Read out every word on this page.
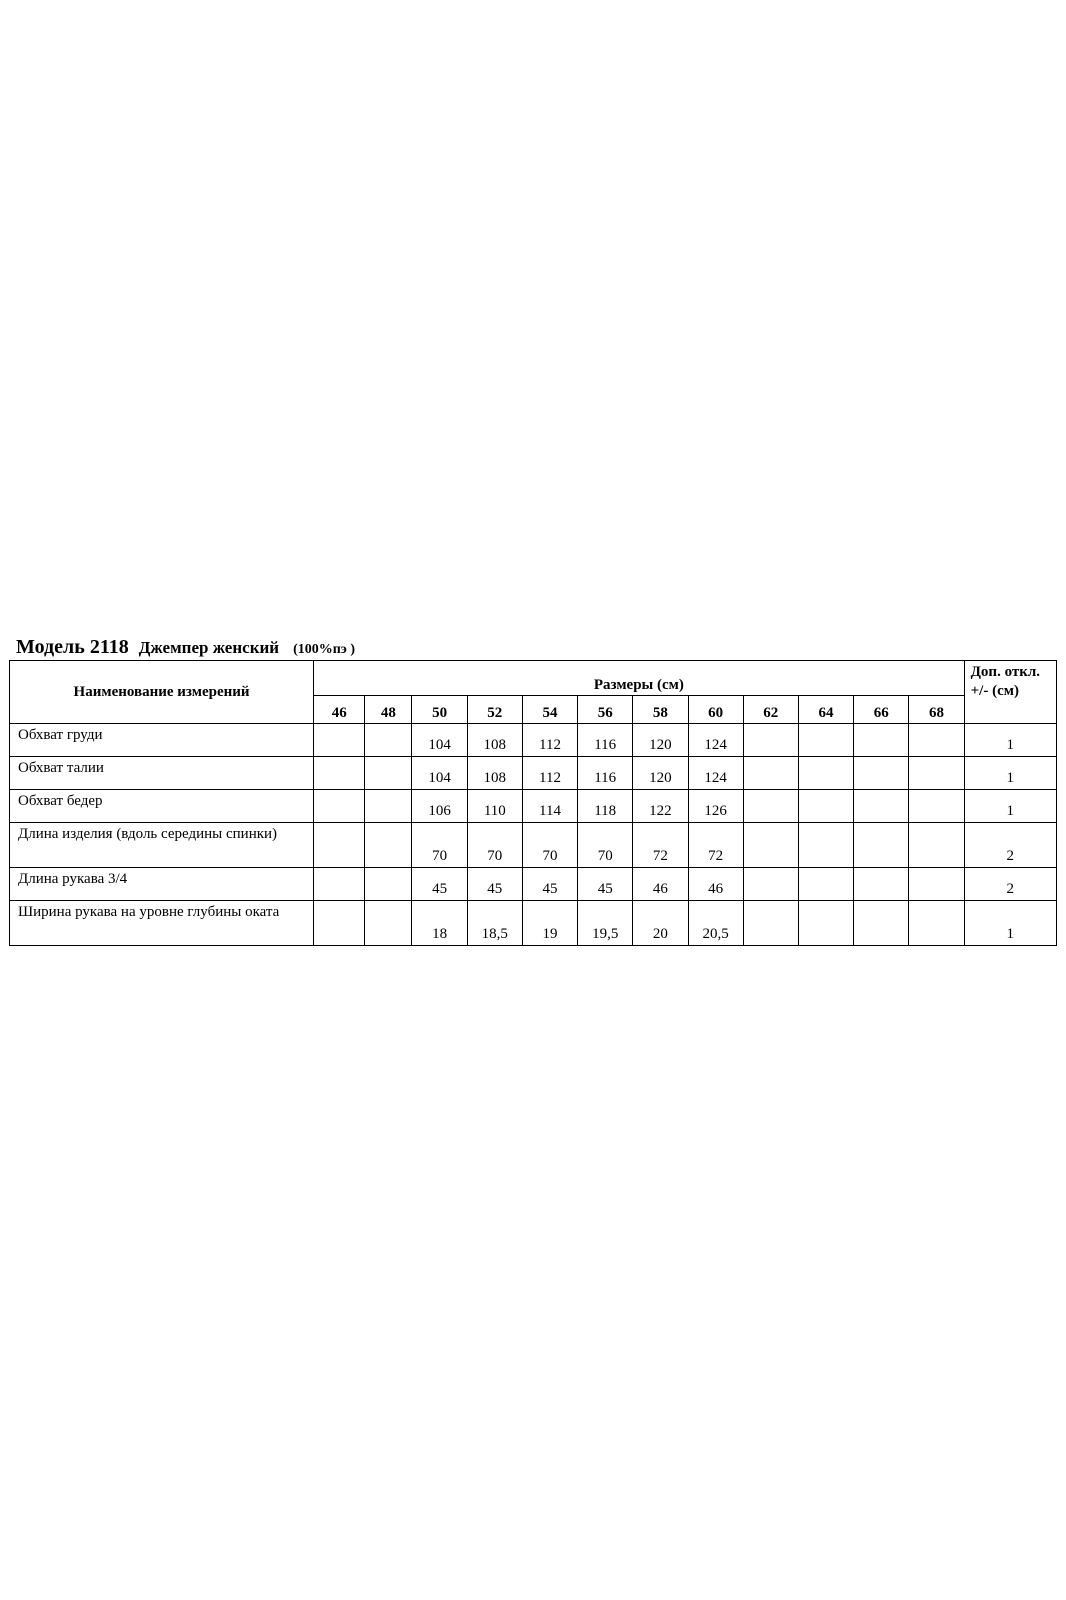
Модель 2118 Джемпер женский (100%пэ )
Наименование измерений	Размеры (см)												Доп. откл. +/- (см)
	46	48	50	52	54	56	58	60	62	64	66	68	
Обхват груди			104	108	112	116	120	124					1
Обхват талии			104	108	112	116	120	124					1
Обхват бедер			106	110	114	118	122	126					1
Длина изделия (вдоль середины спинки)			70	70	70	70	72	72					2
Длина рукава 3/4			45	45	45	45	46	46					2
Ширина рукава на уровне глубины оката			18	18,5	19	19,5	20	20,5					1
